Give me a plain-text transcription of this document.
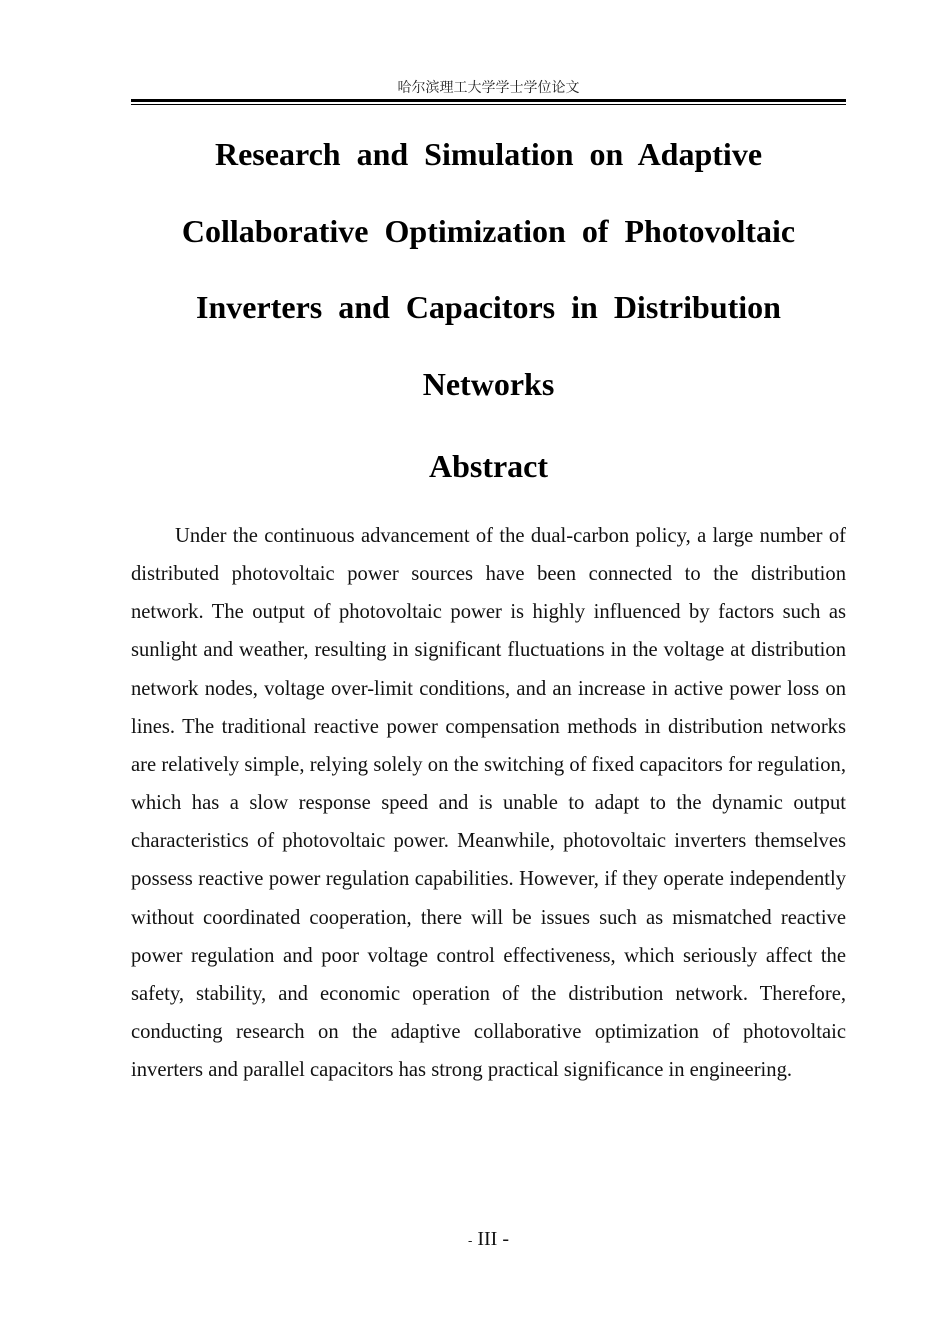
哈尔滨理工大学学士学位论文
Research and Simulation on Adaptive Collaborative Optimization of Photovoltaic Inverters and Capacitors in Distribution Networks
Abstract

Under the continuous advancement of the dual-carbon policy, a large number of distributed photovoltaic power sources have been connected to the distribution network. The output of photovoltaic power is highly influenced by factors such as sunlight and weather, resulting in significant fluctuations in the voltage at distribution network nodes, voltage over-limit conditions, and an increase in active power loss on lines. The traditional reactive power compensation methods in distribution networks are relatively simple, relying solely on the switching of fixed capacitors for regulation, which has a slow response speed and is unable to adapt to the dynamic output characteristics of photovoltaic power. Meanwhile, photovoltaic inverters themselves possess reactive power regulation capabilities. However, if they operate independently without coordinated cooperation, there will be issues such as mismatched reactive power regulation and poor voltage control effectiveness, which seriously affect the safety, stability, and economic operation of the distribution network. Therefore, conducting research on the adaptive collaborative optimization of photovoltaic inverters and parallel capacitors has strong practical significance in engineering.

- III -
